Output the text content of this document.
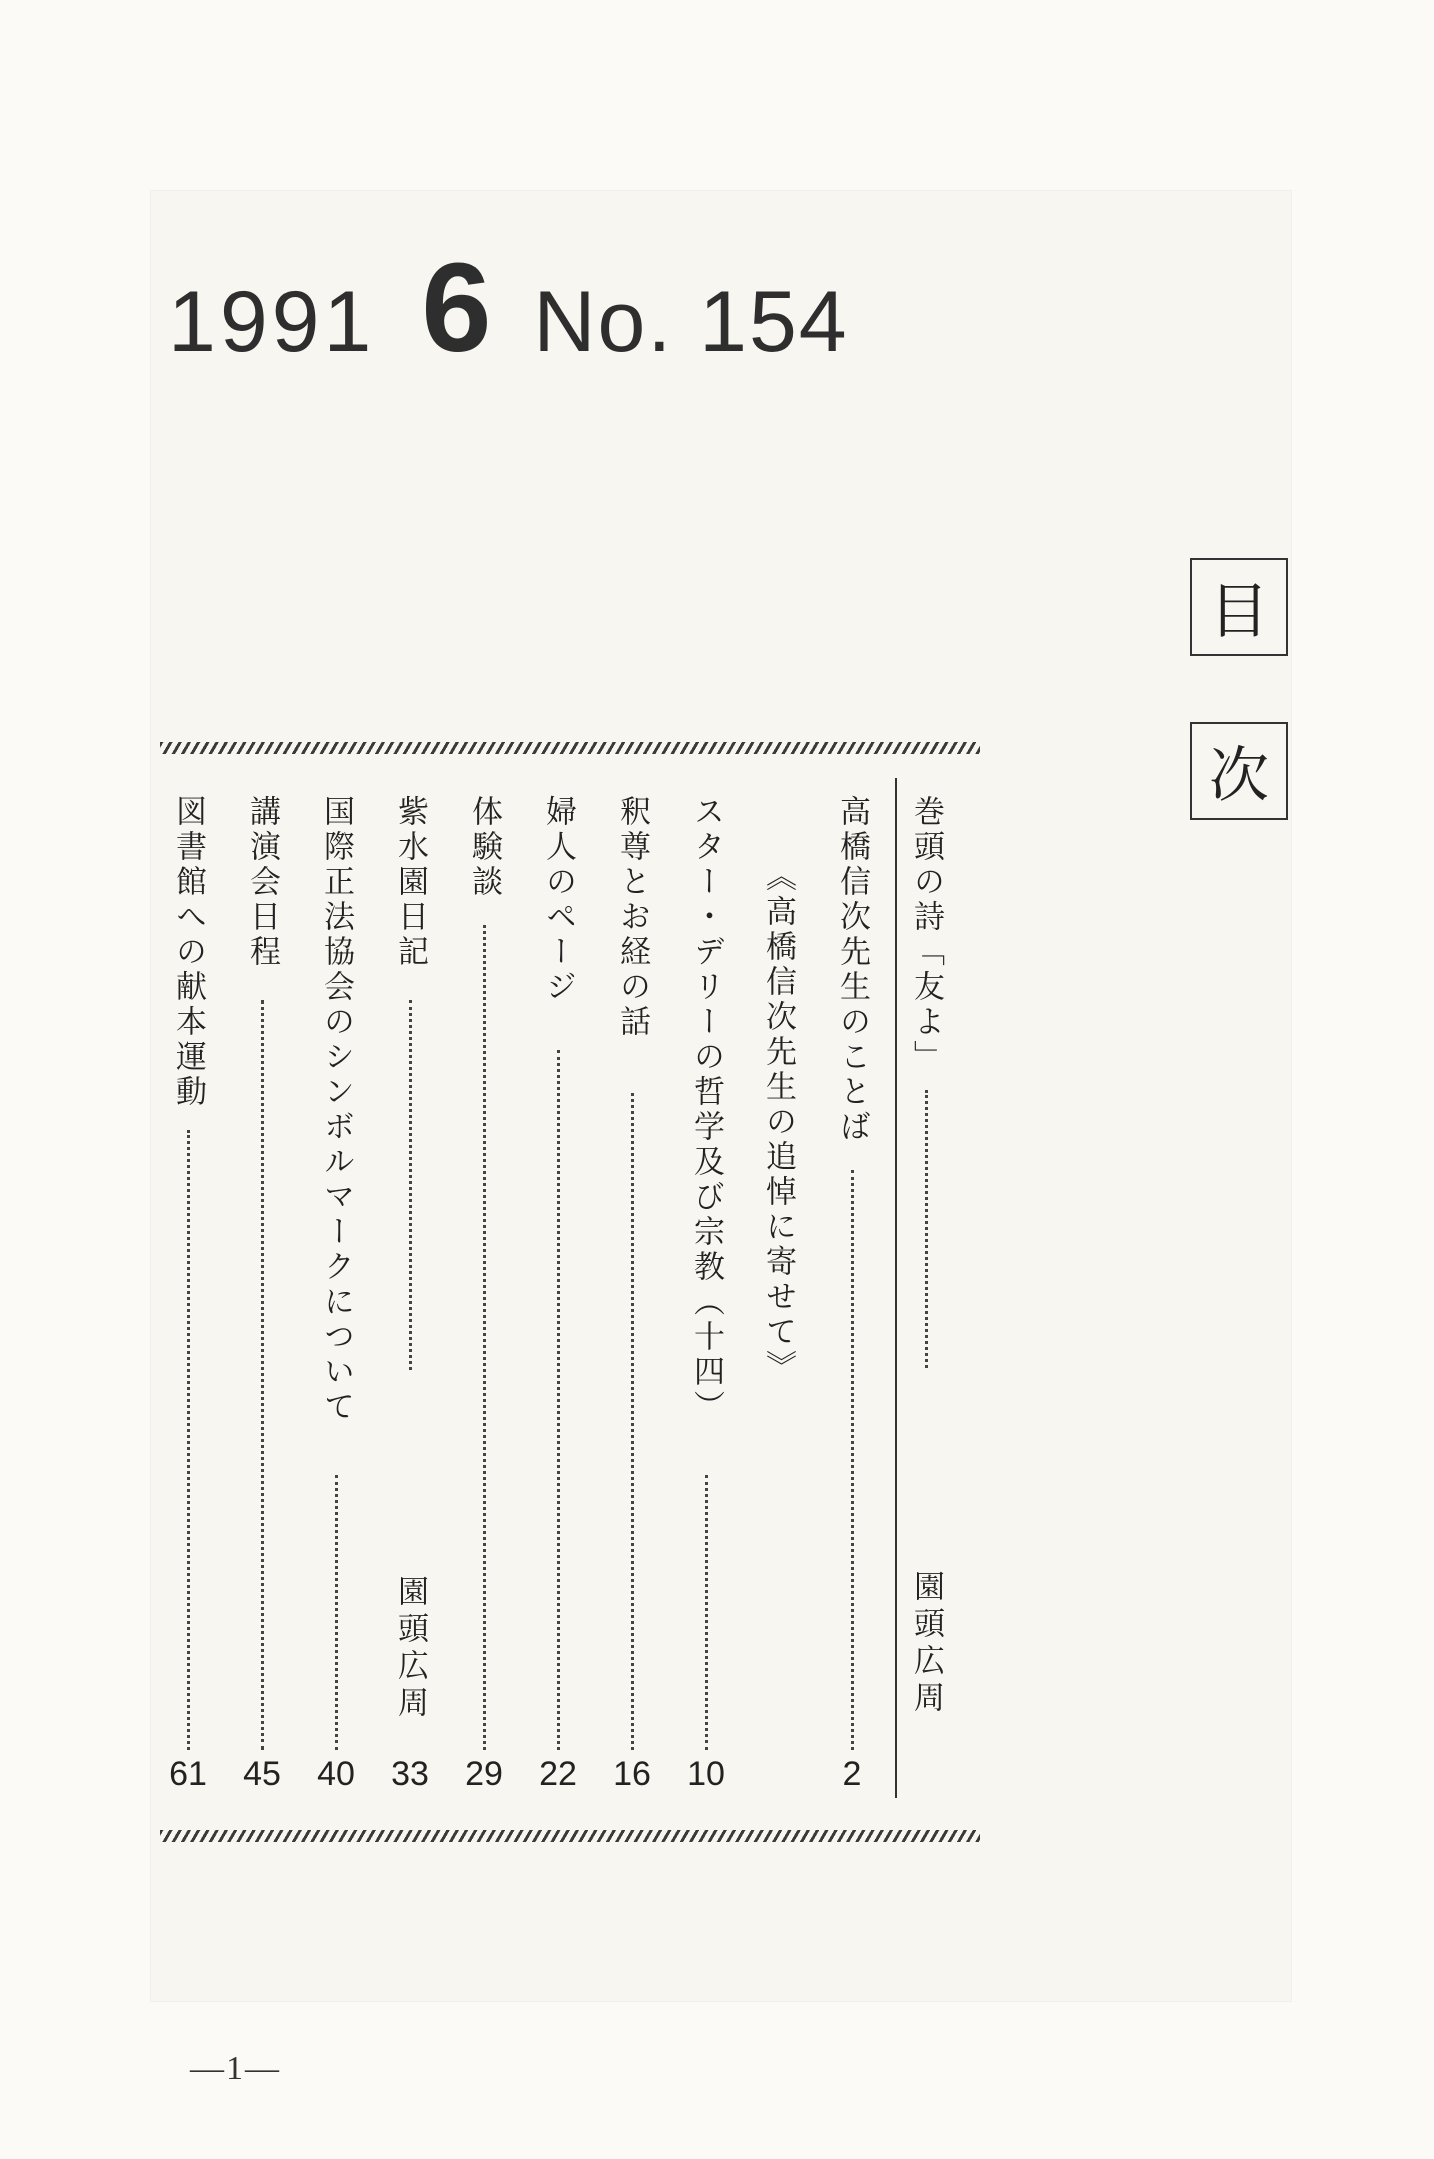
1991 6 No. 154
目
次
巻頭の詩「友よ」
園頭広周
高橋信次先生のことば
2
《高橋信次先生の追悼に寄せて》
スター・デリーの哲学及び宗教（十四）
10
釈尊とお経の話
16
婦人のページ
22
体験談
29
紫水園日記
園頭広周
33
国際正法協会のシンボルマークについて
40
講演会日程
45
図書館への献本運動
61
—1—
